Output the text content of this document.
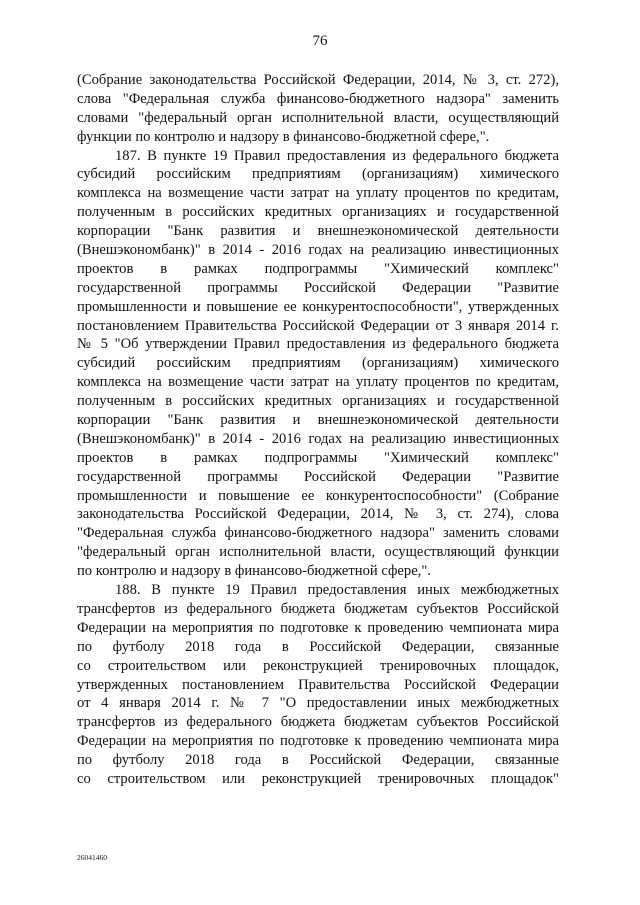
76
(Собрание законодательства Российской Федерации, 2014, № 3, ст. 272),
слова "Федеральная служба финансово-бюджетного надзора" заменить
словами "федеральный орган исполнительной власти, осуществляющий
функции по контролю и надзору в финансово-бюджетной сфере,".
187. В пункте 19 Правил предоставления из федерального бюджета
субсидий российским предприятиям (организациям) химического
комплекса на возмещение части затрат на уплату процентов по кредитам,
полученным в российских кредитных организациях и государственной
корпорации "Банк развития и внешнеэкономической деятельности
(Внешэкономбанк)" в 2014 - 2016 годах на реализацию инвестиционных
проектов в рамках подпрограммы "Химический комплекс"
государственной программы Российской Федерации "Развитие
промышленности и повышение ее конкурентоспособности", утвержденных
постановлением Правительства Российской Федерации от 3 января 2014 г.
№ 5 "Об утверждении Правил предоставления из федерального бюджета
субсидий российским предприятиям (организациям) химического
комплекса на возмещение части затрат на уплату процентов по кредитам,
полученным в российских кредитных организациях и государственной
корпорации "Банк развития и внешнеэкономической деятельности
(Внешэкономбанк)" в 2014 - 2016 годах на реализацию инвестиционных
проектов в рамках подпрограммы "Химический комплекс"
государственной программы Российской Федерации "Развитие
промышленности и повышение ее конкурентоспособности" (Собрание
законодательства Российской Федерации, 2014, № 3, ст. 274), слова
"Федеральная служба финансово-бюджетного надзора" заменить словами
"федеральный орган исполнительной власти, осуществляющий функции
по контролю и надзору в финансово-бюджетной сфере,".
188. В пункте 19 Правил предоставления иных межбюджетных
трансфертов из федерального бюджета бюджетам субъектов Российской
Федерации на мероприятия по подготовке к проведению чемпионата мира
по футболу 2018 года в Российской Федерации, связанные
со строительством или реконструкцией тренировочных площадок,
утвержденных постановлением Правительства Российской Федерации
от 4 января 2014 г. № 7 "О предоставлении иных межбюджетных
трансфертов из федерального бюджета бюджетам субъектов Российской
Федерации на мероприятия по подготовке к проведению чемпионата мира
по футболу 2018 года в Российской Федерации, связанные
со строительством или реконструкцией тренировочных площадок"
26041460
